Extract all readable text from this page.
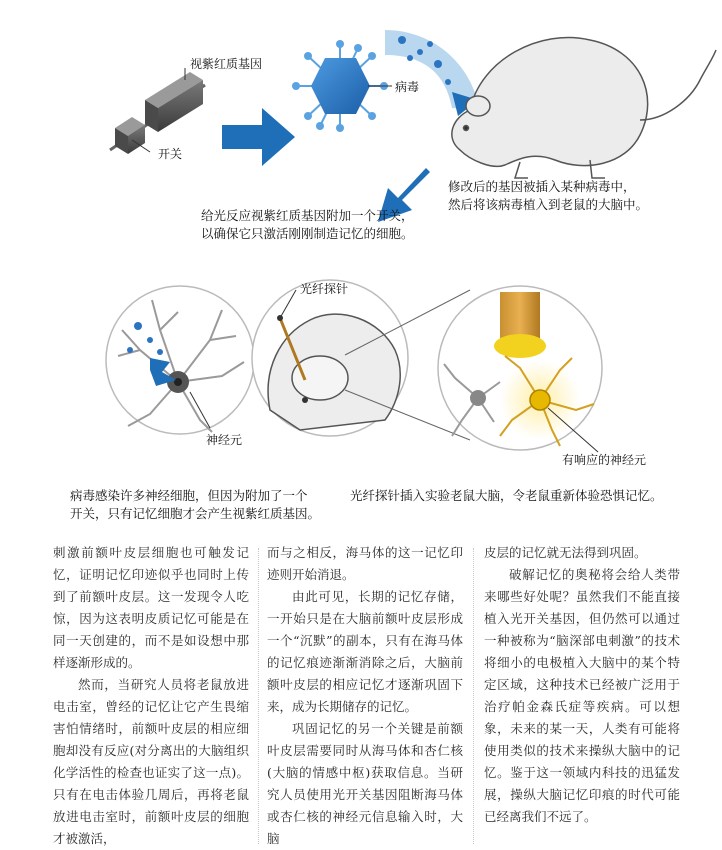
视紫红质基因
开关
病毒
光纤探针
神经元
有响应的神经元
给光反应视紫红质基因附加一个开关，
以确保它只激活刚刚制造记忆的细胞。
修改后的基因被插入某种病毒中，
然后将该病毒植入到老鼠的大脑中。
病毒感染许多神经细胞，但因为附加了一个
开关，只有记忆细胞才会产生视紫红质基因。
光纤探针插入实验老鼠大脑，令老鼠重新体验恐惧记忆。

刺激前额叶皮层细胞也可触发记忆，证明记忆印迹似乎也同时上传到了前额叶皮层。这一发现令人吃惊，因为这表明皮质记忆可能是在同一天创建的，而不是如设想中那样逐渐形成的。

然而，当研究人员将老鼠放进电击室，曾经的记忆让它产生畏缩害怕情绪时，前额叶皮层的相应细胞却没有反应(对分离出的大脑组织化学活性的检查也证实了这一点)。只有在电击体验几周后，再将老鼠放进电击室时，前额叶皮层的细胞才被激活，

而与之相反，海马体的这一记忆印迹则开始消退。

由此可见，长期的记忆存储，一开始只是在大脑前额叶皮层形成一个“沉默”的副本，只有在海马体的记忆痕迹渐渐消除之后，大脑前额叶皮层的相应记忆才逐渐巩固下来，成为长期储存的记忆。

巩固记忆的另一个关键是前额叶皮层需要同时从海马体和杏仁核(大脑的情感中枢)获取信息。当研究人员使用光开关基因阻断海马体或杏仁核的神经元信息输入时，大脑

皮层的记忆就无法得到巩固。

破解记忆的奥秘将会给人类带来哪些好处呢？虽然我们不能直接植入光开关基因，但仍然可以通过一种被称为“脑深部电刺激”的技术将细小的电极植入大脑中的某个特定区域，这种技术已经被广泛用于治疗帕金森氏症等疾病。可以想象，未来的某一天，人类有可能将使用类似的技术来操纵大脑中的记忆。鉴于这一领域内科技的迅猛发展，操纵大脑记忆印痕的时代可能已经离我们不远了。
